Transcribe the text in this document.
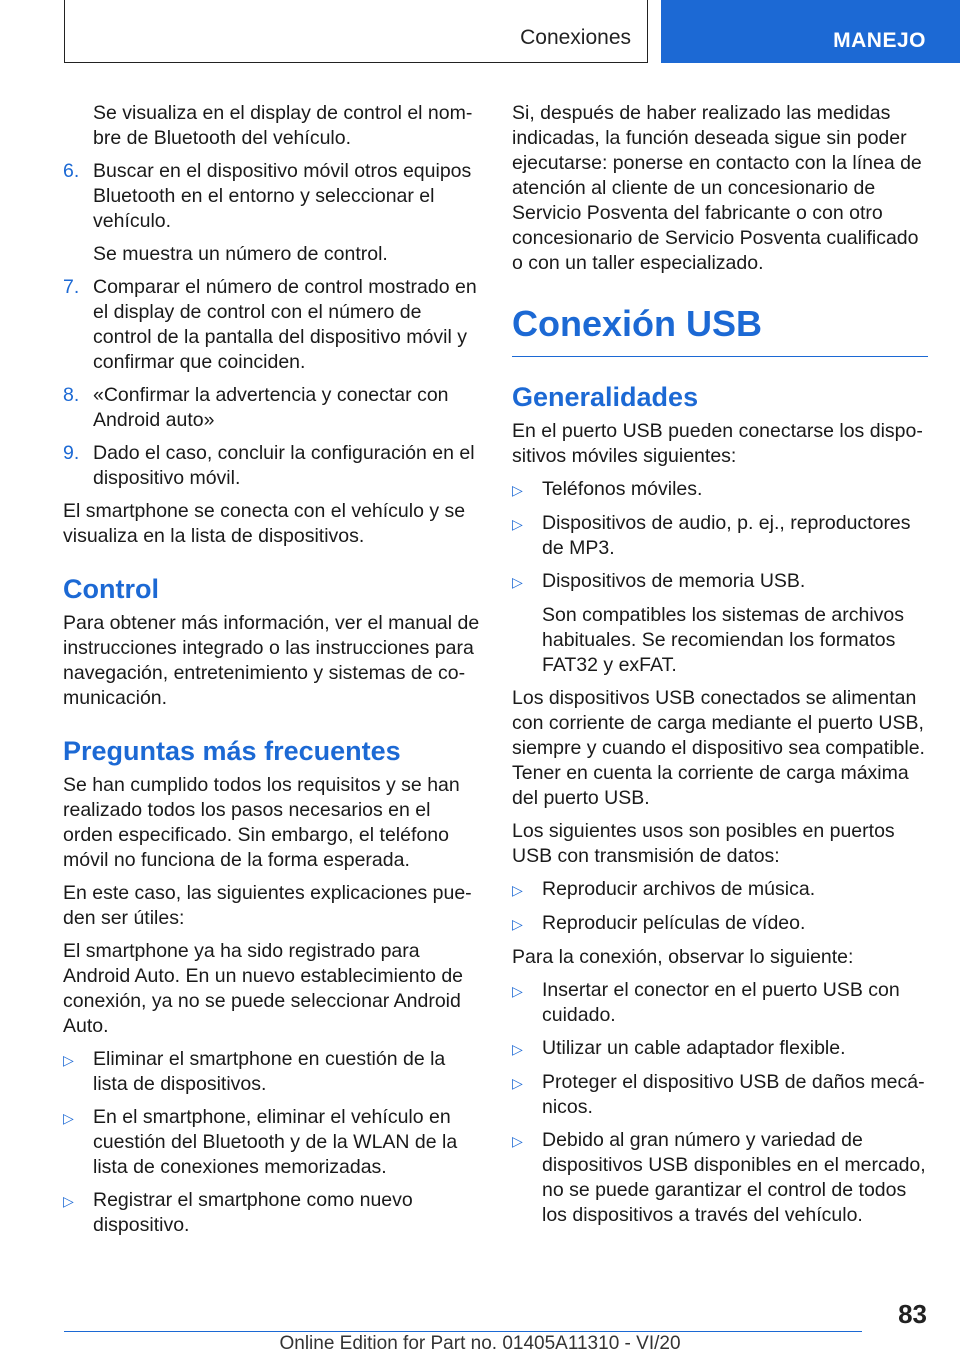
Conexiones	MANEJO

Se visualiza en el display de control el nombre de Bluetooth del vehículo.

6. Buscar en el dispositivo móvil otros equipos Bluetooth en el entorno y seleccionar el vehículo.

Se muestra un número de control.

7. Comparar el número de control mostrado en el display de control con el número de control de la pantalla del dispositivo móvil y confirmar que coinciden.
8. «Confirmar la advertencia y conectar con Android auto»
9. Dado el caso, concluir la configuración en el dispositivo móvil.

El smartphone se conecta con el vehículo y se visualiza en la lista de dispositivos.

Control

Para obtener más información, ver el manual de instrucciones integrado o las instrucciones para navegación, entretenimiento y sistemas de comunicación.

Preguntas más frecuentes

Se han cumplido todos los requisitos y se han realizado todos los pasos necesarios en el orden especificado. Sin embargo, el teléfono móvil no funciona de la forma esperada.

En este caso, las siguientes explicaciones pueden ser útiles:

El smartphone ya ha sido registrado para Android Auto. En un nuevo establecimiento de conexión, ya no se puede seleccionar Android Auto.

▷ Eliminar el smartphone en cuestión de la lista de dispositivos.
▷ En el smartphone, eliminar el vehículo en cuestión del Bluetooth y de la WLAN de la lista de conexiones memorizadas.
▷ Registrar el smartphone como nuevo dispositivo.

Si, después de haber realizado las medidas indicadas, la función deseada sigue sin poder ejecutarse: ponerse en contacto con la línea de atención al cliente de un concesionario de Servicio Posventa del fabricante o con otro concesionario de Servicio Posventa cualificado o con un taller especializado.

Conexión USB
Generalidades

En el puerto USB pueden conectarse los dispositivos móviles siguientes:

▷ Teléfonos móviles.
▷ Dispositivos de audio, p. ej., reproductores de MP3.
▷ Dispositivos de memoria USB.

Son compatibles los sistemas de archivos habituales. Se recomiendan los formatos FAT32 y exFAT.

Los dispositivos USB conectados se alimentan con corriente de carga mediante el puerto USB, siempre y cuando el dispositivo sea compatible. Tener en cuenta la corriente de carga máxima del puerto USB.

Los siguientes usos son posibles en puertos USB con transmisión de datos:

▷ Reproducir archivos de música.
▷ Reproducir películas de vídeo.

Para la conexión, observar lo siguiente:

▷ Insertar el conector en el puerto USB con cuidado.
▷ Utilizar un cable adaptador flexible.
▷ Proteger el dispositivo USB de daños mecánicos.
▷ Debido al gran número y variedad de dispositivos USB disponibles en el mercado, no se puede garantizar el control de todos los dispositivos a través del vehículo.
83
Online Edition for Part no. 01405A11310 - VI/20
